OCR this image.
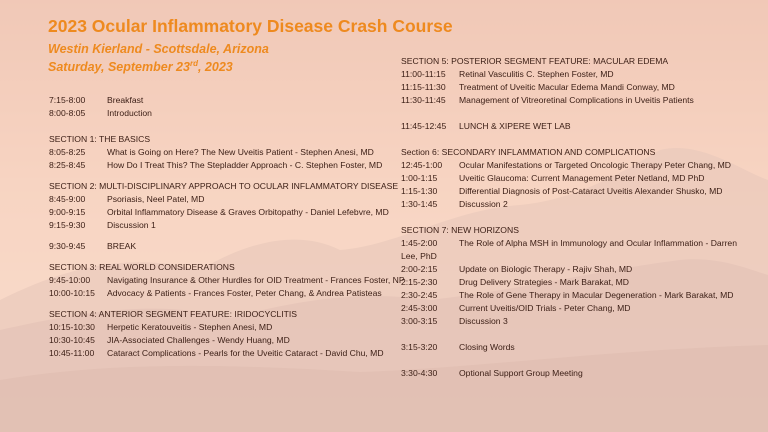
2023 Ocular Inflammatory Disease Crash Course
Westin Kierland - Scottsdale, Arizona
Saturday, September 23rd, 2023
7:15-8:00	Breakfast
8:00-8:05	Introduction
SECTION 1: THE BASICS
8:05-8:25	What is Going on Here? The New Uveitis Patient - Stephen Anesi, MD
8:25-8:45	How Do I Treat This? The Stepladder Approach - C. Stephen Foster, MD
SECTION 2: MULTI-DISCIPLINARY APPROACH TO OCULAR INFLAMMATORY DISEASE
8:45-9:00	Psoriasis, Neel Patel, MD
9:00-9:15	Orbital Inflammatory Disease & Graves Orbitopathy - Daniel Lefebvre, MD
9:15-9:30	Discussion 1
9:30-9:45	BREAK
SECTION 3: REAL WORLD CONSIDERATIONS
9:45-10:00	Navigating Insurance & Other Hurdles for OID Treatment - Frances Foster, NP
10:00-10:15	Advocacy & Patients - Frances Foster, Peter Chang, & Andrea Patisteas
SECTION 4: ANTERIOR SEGMENT FEATURE: IRIDOCYCLITIS
10:15-10:30	Herpetic Keratouveitis - Stephen Anesi, MD
10:30-10:45	JIA-Associated Challenges - Wendy Huang, MD
10:45-11:00	Cataract Complications - Pearls for the Uveitic Cataract - David Chu, MD
SECTION 5: POSTERIOR SEGMENT FEATURE: MACULAR EDEMA
11:00-11:15	Retinal Vasculitis C. Stephen Foster, MD
11:15-11:30	Treatment of Uveitic Macular Edema Mandi Conway, MD
11:30-11:45	Management of Vitreoretinal Complications in Uveitis Patients
11:45-12:45	LUNCH & XIPERE WET LAB
Section 6: SECONDARY INFLAMMATION AND COMPLICATIONS
12:45-1:00	Ocular Manifestations or Targeted Oncologic Therapy Peter Chang, MD
1:00-1:15	Uveitic Glaucoma: Current Management Peter Netland, MD PhD
1:15-1:30	Differential Diagnosis of Post-Cataract Uveitis Alexander Shusko, MD
1:30-1:45	Discussion 2
SECTION 7: NEW HORIZONS
1:45-2:00	The Role of Alpha MSH in Immunology and Ocular Inflammation - Darren
Lee, PhD
2:00-2:15	Update on Biologic Therapy - Rajiv Shah, MD
2:15-2:30	Drug Delivery Strategies - Mark Barakat, MD
2:30-2:45	The Role of Gene Therapy in Macular Degeneration - Mark Barakat, MD
2:45-3:00	Current Uveitis/OID Trials - Peter Chang, MD
3:00-3:15	Discussion 3
3:15-3:20	Closing Words
3:30-4:30	Optional Support Group Meeting
